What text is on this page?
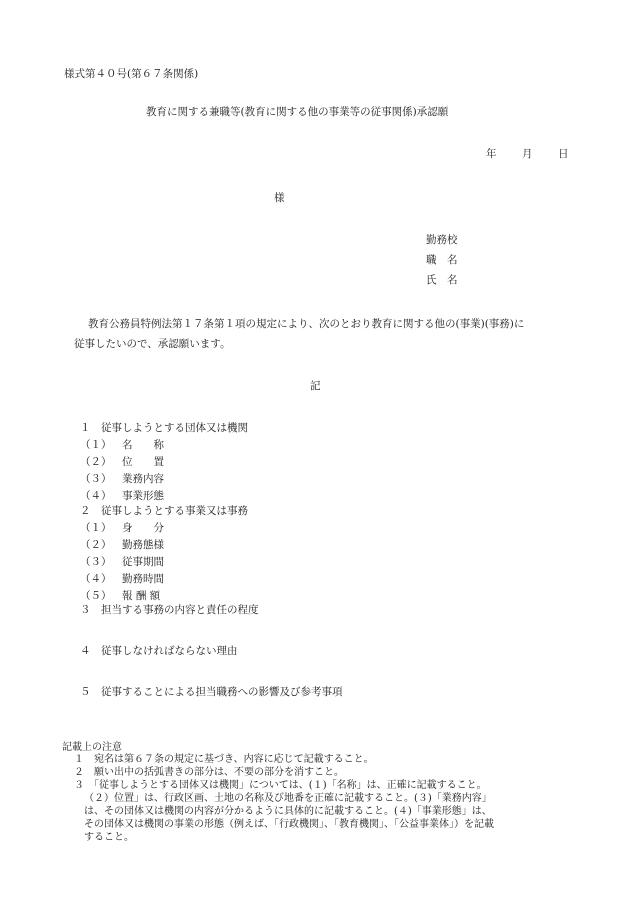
様式第４０号(第６７条関係)
教育に関する兼職等(教育に関する他の事業等の従事関係)承認願
年 月 日
様
勤務校
職　名
氏　名
教育公務員特例法第１７条第１項の規定により、次のとおり教育に関する他の(事業)(事務)に
従事したいので、承認願います。
記
１　従事しようとする団体又は機関
（１） 名　　称
（２） 位　　置
（３） 業務内容
（４） 事業形態
２　従事しようとする事業又は事務
（１） 身　　分
（２） 勤務態様
（３） 従事期間
（４） 勤務時間
（５） 報 酬 額
３　担当する事務の内容と責任の程度
４　従事しなければならない理由
５　従事することによる担当職務への影響及び参考事項
記載上の注意
１　宛名は第６７条の規定に基づき、内容に応じて記載すること。
２　願い出中の括弧書きの部分は、不要の部分を消すこと。
３　「従事しようとする団体又は機関」については、(１)「名称」は、正確に記載すること。
（２）位置」は、行政区画、土地の名称及び地番を正確に記載すること。(３)「業務内容」
は、その団体又は機関の内容が分かるように具体的に記載すること。(４)「事業形態」は、
その団体又は機関の事業の形態（例えば、「行政機関」、「教育機関」、「公益事業体」）を記載
すること。
